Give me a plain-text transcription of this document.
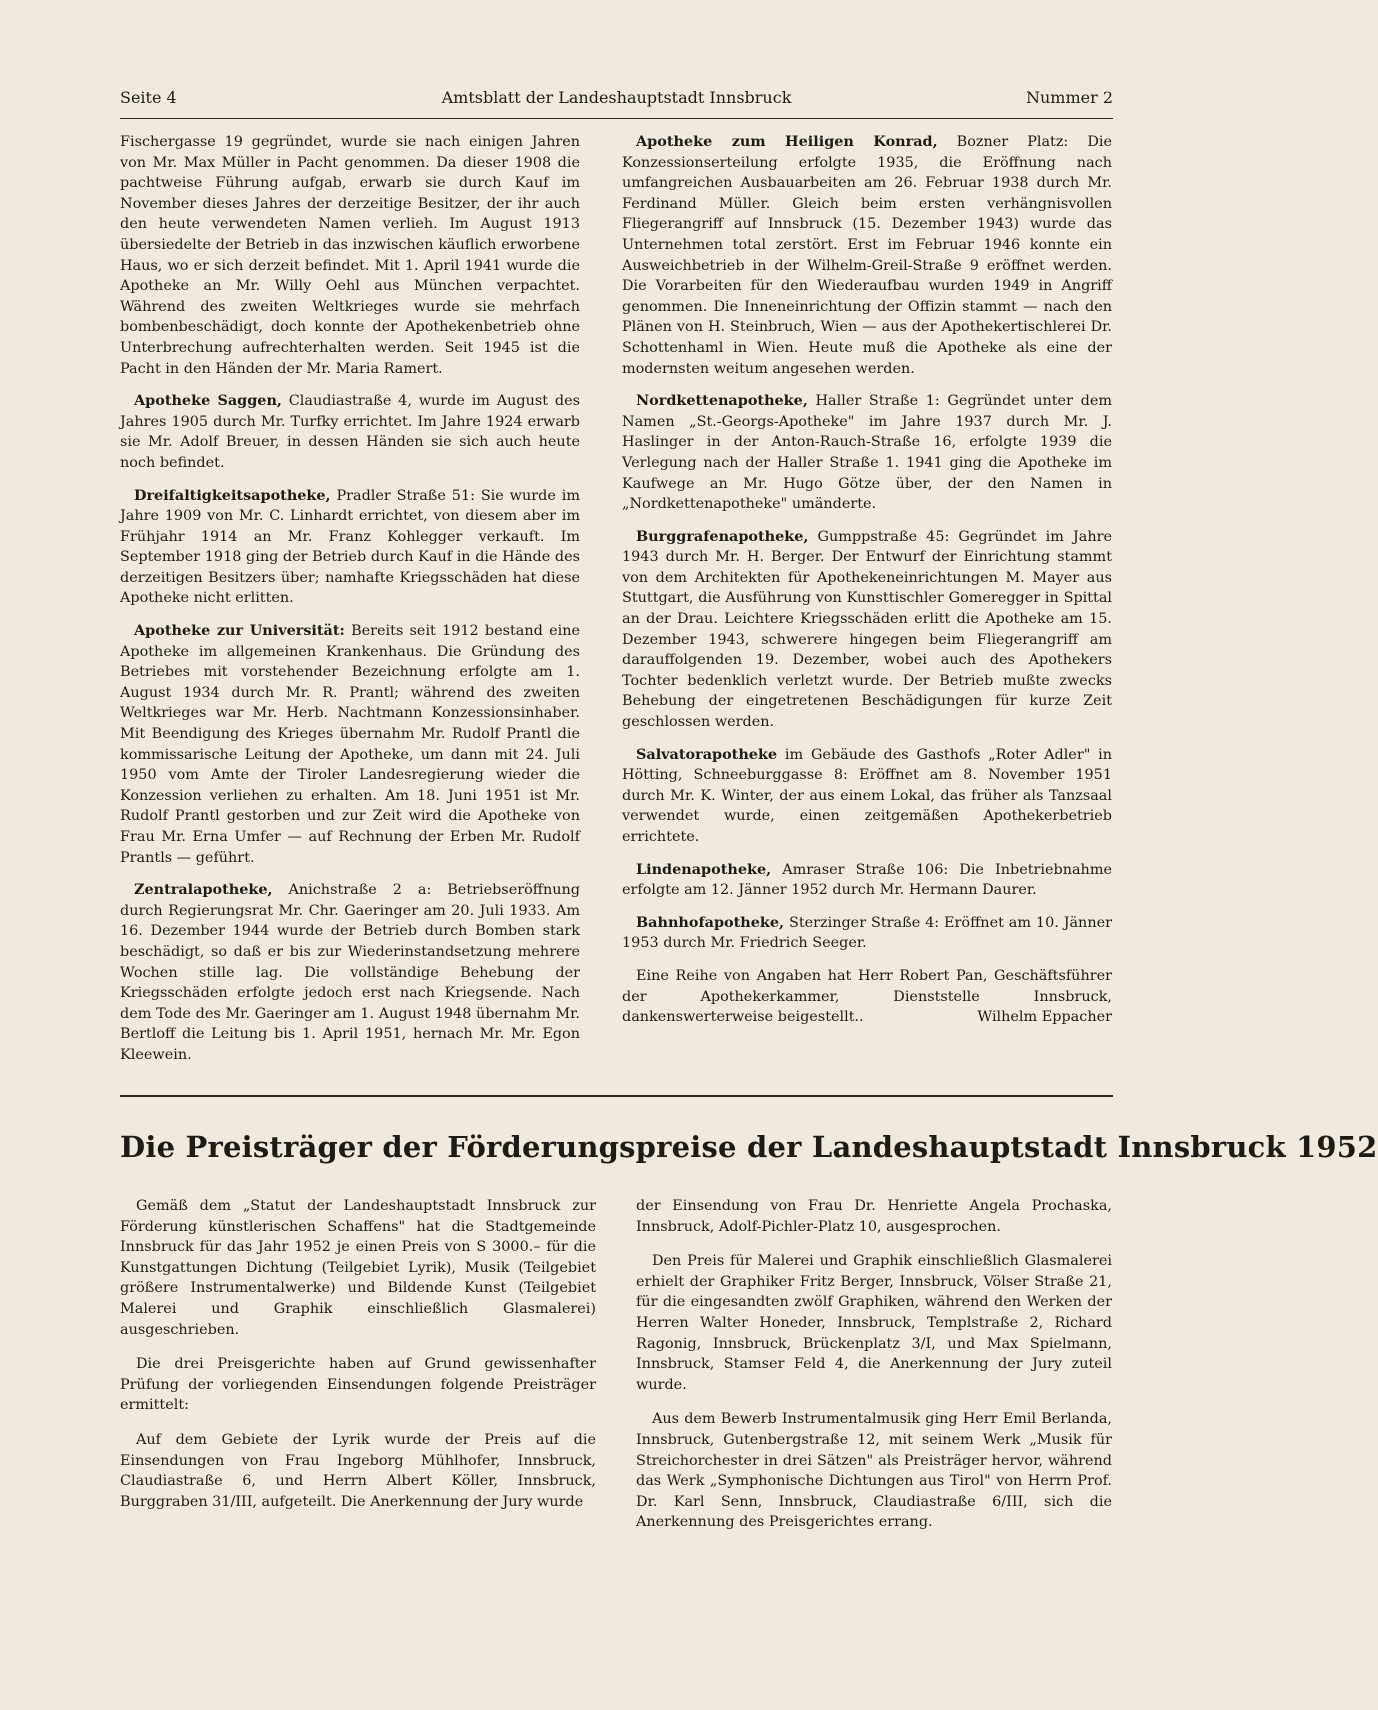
Seite 4	Amtsblatt der Landeshauptstadt Innsbruck	Nummer 2

Fischergasse 19 gegründet, wurde sie nach einigen Jahren von Mr. Max Müller in Pacht genommen. Da dieser 1908 die pachtweise Führung aufgab, erwarb sie durch Kauf im November dieses Jahres der derzeitige Besitzer, der ihr auch den heute verwendeten Namen verlieh. Im August 1913 übersiedelte der Betrieb in das inzwischen käuflich erworbene Haus, wo er sich derzeit befindet. Mit 1. April 1941 wurde die Apotheke an Mr. Willy Oehl aus München verpachtet. Während des zweiten Weltkrieges wurde sie mehrfach bombenbeschädigt, doch konnte der Apothekenbetrieb ohne Unterbrechung aufrechterhalten werden. Seit 1945 ist die Pacht in den Händen der Mr. Maria Ramert.

Apotheke Saggen, Claudiastraße 4, wurde im August des Jahres 1905 durch Mr. Turfky errichtet. Im Jahre 1924 erwarb sie Mr. Adolf Breuer, in dessen Händen sie sich auch heute noch befindet.

Dreifaltigkeitsapotheke, Pradler Straße 51: Sie wurde im Jahre 1909 von Mr. C. Linhardt errichtet, von diesem aber im Frühjahr 1914 an Mr. Franz Kohlegger verkauft. Im September 1918 ging der Betrieb durch Kauf in die Hände des derzeitigen Besitzers über; namhafte Kriegsschäden hat diese Apotheke nicht erlitten.

Apotheke zur Universität: Bereits seit 1912 bestand eine Apotheke im allgemeinen Krankenhaus. Die Gründung des Betriebes mit vorstehender Bezeichnung erfolgte am 1. August 1934 durch Mr. R. Prantl; während des zweiten Weltkrieges war Mr. Herb. Nachtmann Konzessionsinhaber. Mit Beendigung des Krieges übernahm Mr. Rudolf Prantl die kommissarische Leitung der Apotheke, um dann mit 24. Juli 1950 vom Amte der Tiroler Landesregierung wieder die Konzession verliehen zu erhalten. Am 18. Juni 1951 ist Mr. Rudolf Prantl gestorben und zur Zeit wird die Apotheke von Frau Mr. Erna Umfer — auf Rechnung der Erben Mr. Rudolf Prantls — geführt.

Zentralapotheke, Anichstraße 2 a: Betriebseröffnung durch Regierungsrat Mr. Chr. Gaeringer am 20. Juli 1933. Am 16. Dezember 1944 wurde der Betrieb durch Bomben stark beschädigt, so daß er bis zur Wiederinstandsetzung mehrere Wochen stille lag. Die vollständige Behebung der Kriegsschäden erfolgte jedoch erst nach Kriegsende. Nach dem Tode des Mr. Gaeringer am 1. August 1948 übernahm Mr. Bertloff die Leitung bis 1. April 1951, hernach Mr. Mr. Egon Kleewein.

Apotheke zum Heiligen Konrad, Bozner Platz: Die Konzessionserteilung erfolgte 1935, die Eröffnung nach umfangreichen Ausbauarbeiten am 26. Februar 1938 durch Mr. Ferdinand Müller. Gleich beim ersten verhängnisvollen Fliegerangriff auf Innsbruck (15. Dezember 1943) wurde das Unternehmen total zerstört. Erst im Februar 1946 konnte ein Ausweichbetrieb in der Wilhelm-Greil-Straße 9 eröffnet werden. Die Vorarbeiten für den Wiederaufbau wurden 1949 in Angriff genommen. Die Inneneinrichtung der Offizin stammt — nach den Plänen von H. Steinbruch, Wien — aus der Apothekertischlerei Dr. Schottenhaml in Wien. Heute muß die Apotheke als eine der modernsten weitum angesehen werden.

Nordkettenapotheke, Haller Straße 1: Gegründet unter dem Namen „St.-Georgs-Apotheke" im Jahre 1937 durch Mr. J. Haslinger in der Anton-Rauch-Straße 16, erfolgte 1939 die Verlegung nach der Haller Straße 1. 1941 ging die Apotheke im Kaufwege an Mr. Hugo Götze über, der den Namen in „Nordkettenapotheke" umänderte.

Burggrafenapotheke, Gumppstraße 45: Gegründet im Jahre 1943 durch Mr. H. Berger. Der Entwurf der Einrichtung stammt von dem Architekten für Apothekeneinrichtungen M. Mayer aus Stuttgart, die Ausführung von Kunsttischler Gomeregger in Spittal an der Drau. Leichtere Kriegsschäden erlitt die Apotheke am 15. Dezember 1943, schwerere hingegen beim Fliegerangriff am darauffolgenden 19. Dezember, wobei auch des Apothekers Tochter bedenklich verletzt wurde. Der Betrieb mußte zwecks Behebung der eingetretenen Beschädigungen für kurze Zeit geschlossen werden.

Salvatorapotheke im Gebäude des Gasthofs „Roter Adler" in Hötting, Schneeburggasse 8: Eröffnet am 8. November 1951 durch Mr. K. Winter, der aus einem Lokal, das früher als Tanzsaal verwendet wurde, einen zeitgemäßen Apothekerbetrieb errichtete.

Lindenapotheke, Amraser Straße 106: Die Inbetriebnahme erfolgte am 12. Jänner 1952 durch Mr. Hermann Daurer.

Bahnhofapotheke, Sterzinger Straße 4: Eröffnet am 10. Jänner 1953 durch Mr. Friedrich Seeger.

Eine Reihe von Angaben hat Herr Robert Pan, Geschäftsführer der Apothekerkammer, Dienststelle Innsbruck, dankenswerterweise beigestellt..	Wilhelm Eppacher

Die Preisträger der Förderungspreise der Landeshauptstadt Innsbruck 1952

Gemäß dem „Statut der Landeshauptstadt Innsbruck zur Förderung künstlerischen Schaffens" hat die Stadtgemeinde Innsbruck für das Jahr 1952 je einen Preis von S 3000.– für die Kunstgattungen Dichtung (Teilgebiet Lyrik), Musik (Teilgebiet größere Instrumentalwerke) und Bildende Kunst (Teilgebiet Malerei und Graphik einschließlich Glasmalerei) ausgeschrieben.

Die drei Preisgerichte haben auf Grund gewissenhafter Prüfung der vorliegenden Einsendungen folgende Preisträger ermittelt:

Auf dem Gebiete der Lyrik wurde der Preis auf die Einsendungen von Frau Ingeborg Mühlhofer, Innsbruck, Claudiastraße 6, und Herrn Albert Köller, Innsbruck, Burggraben 31/III, aufgeteilt. Die Anerkennung der Jury wurde

der Einsendung von Frau Dr. Henriette Angela Prochaska, Innsbruck, Adolf-Pichler-Platz 10, ausgesprochen.

Den Preis für Malerei und Graphik einschließlich Glasmalerei erhielt der Graphiker Fritz Berger, Innsbruck, Völser Straße 21, für die eingesandten zwölf Graphiken, während den Werken der Herren Walter Honeder, Innsbruck, Templstraße 2, Richard Ragonig, Innsbruck, Brückenplatz 3/I, und Max Spielmann, Innsbruck, Stamser Feld 4, die Anerkennung der Jury zuteil wurde.

Aus dem Bewerb Instrumentalmusik ging Herr Emil Berlanda, Innsbruck, Gutenbergstraße 12, mit seinem Werk „Musik für Streichorchester in drei Sätzen" als Preisträger hervor, während das Werk „Symphonische Dichtungen aus Tirol" von Herrn Prof. Dr. Karl Senn, Innsbruck, Claudiastraße 6/III, sich die Anerkennung des Preisgerichtes errang.
